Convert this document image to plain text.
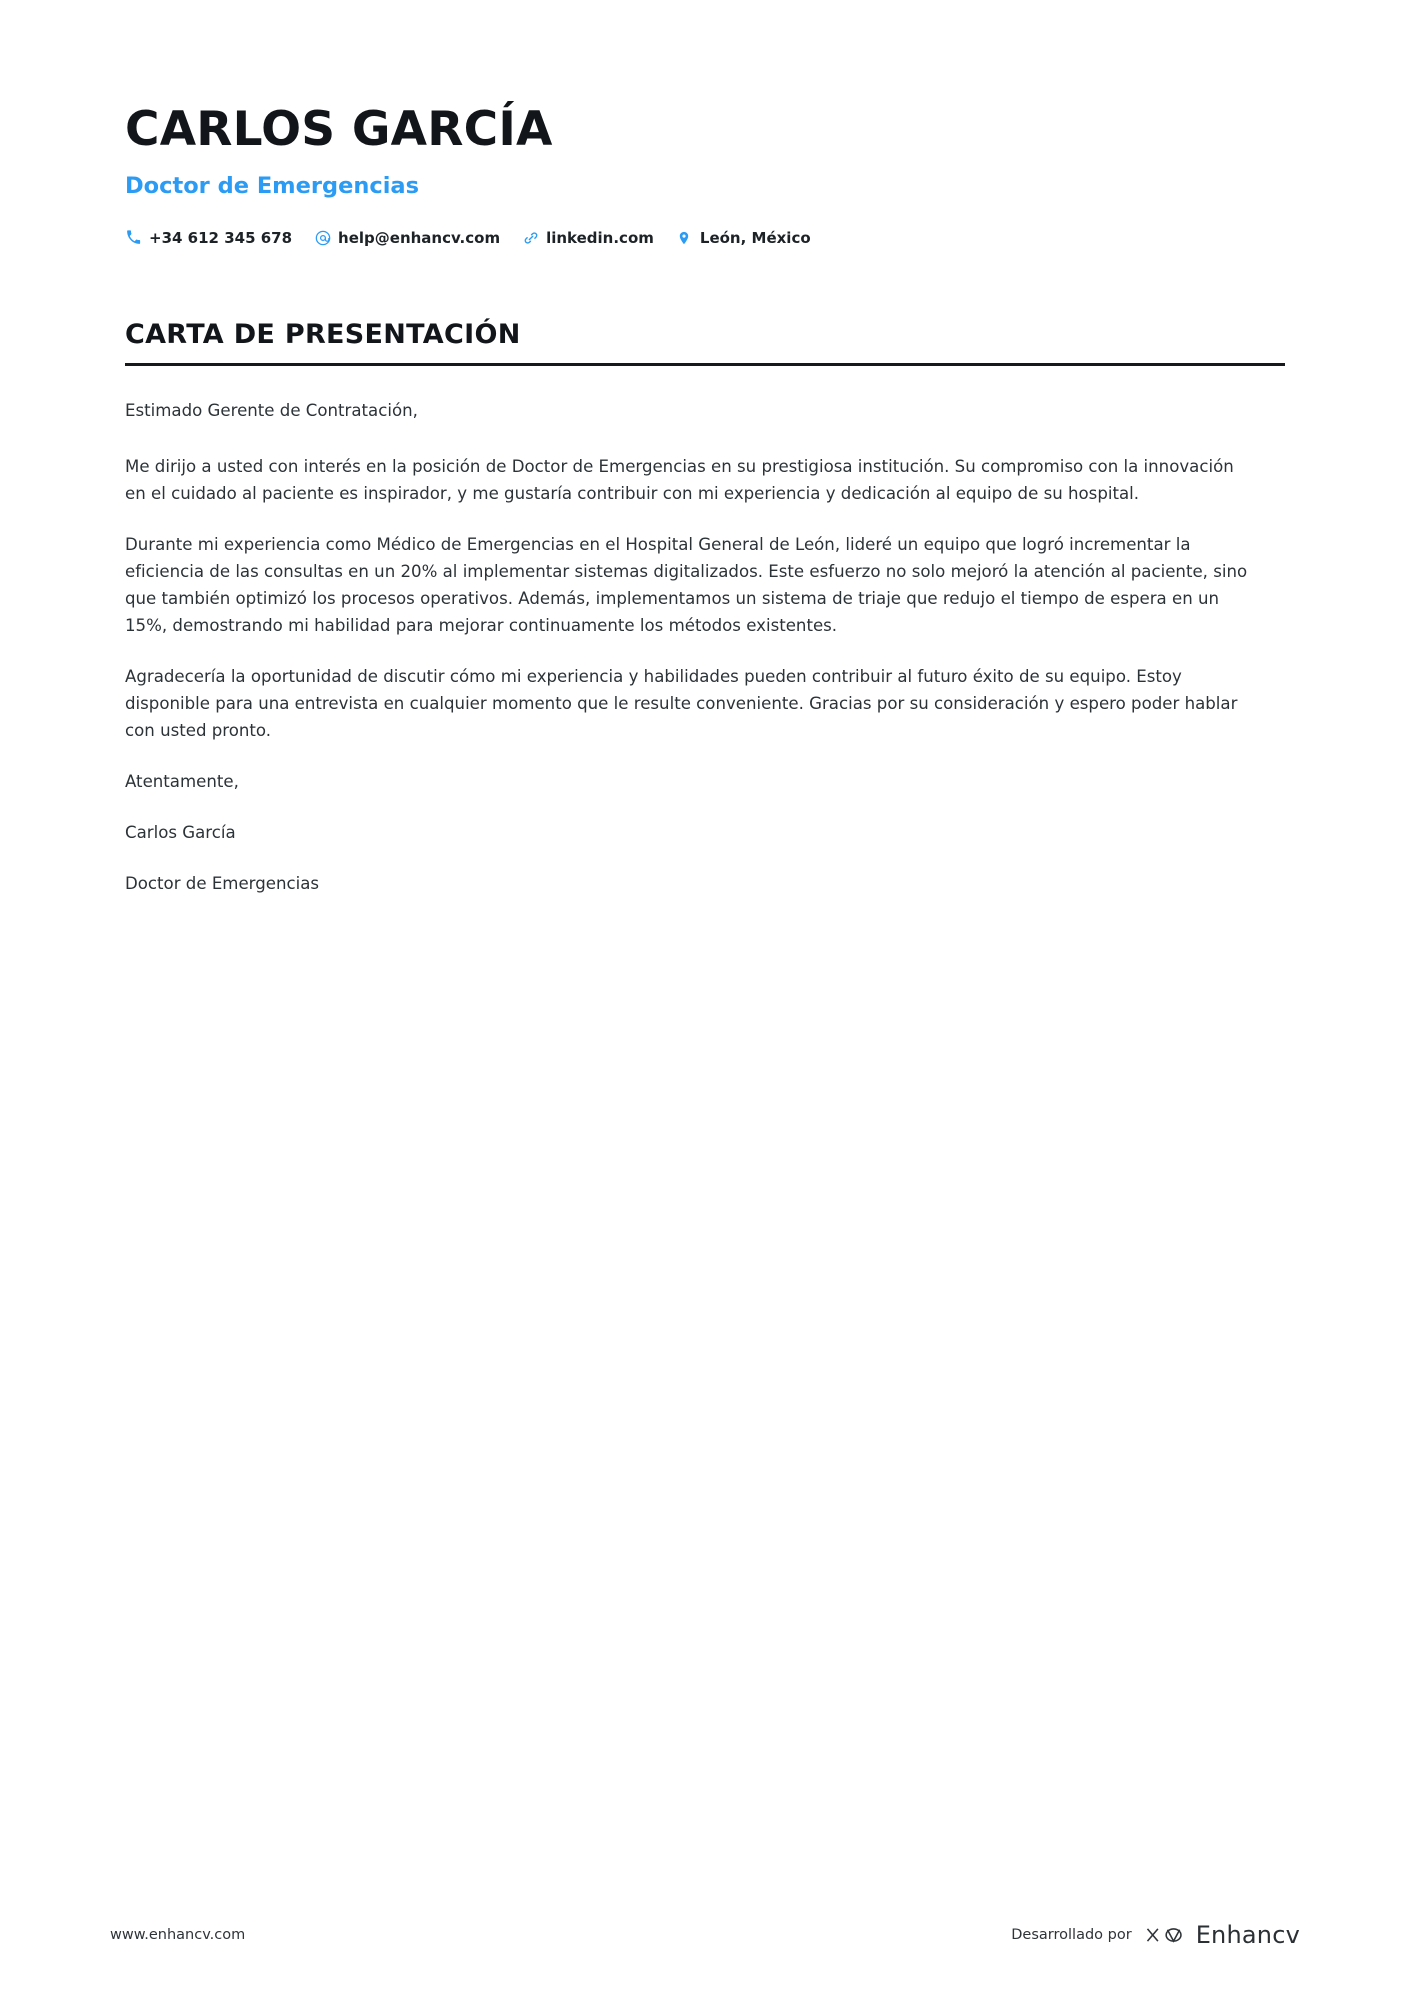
CARLOS GARCÍA
Doctor de Emergencias
+34 612 345 678	help@enhancv.com	linkedin.com	León, México
CARTA DE PRESENTACIÓN

Estimado Gerente de Contratación,

Me dirijo a usted con interés en la posición de Doctor de Emergencias en su prestigiosa institución. Su compromiso con la innovación en el cuidado al paciente es inspirador, y me gustaría contribuir con mi experiencia y dedicación al equipo de su hospital.

Durante mi experiencia como Médico de Emergencias en el Hospital General de León, lideré un equipo que logró incrementar la eficiencia de las consultas en un 20% al implementar sistemas digitalizados. Este esfuerzo no solo mejoró la atención al paciente, sino que también optimizó los procesos operativos. Además, implementamos un sistema de triaje que redujo el tiempo de espera en un 15%, demostrando mi habilidad para mejorar continuamente los métodos existentes.

Agradecería la oportunidad de discutir cómo mi experiencia y habilidades pueden contribuir al futuro éxito de su equipo. Estoy disponible para una entrevista en cualquier momento que le resulte conveniente. Gracias por su consideración y espero poder hablar con usted pronto.

Atentamente,

Carlos García

Doctor de Emergencias

www.enhancv.com	Desarrollado por	Enhancv
